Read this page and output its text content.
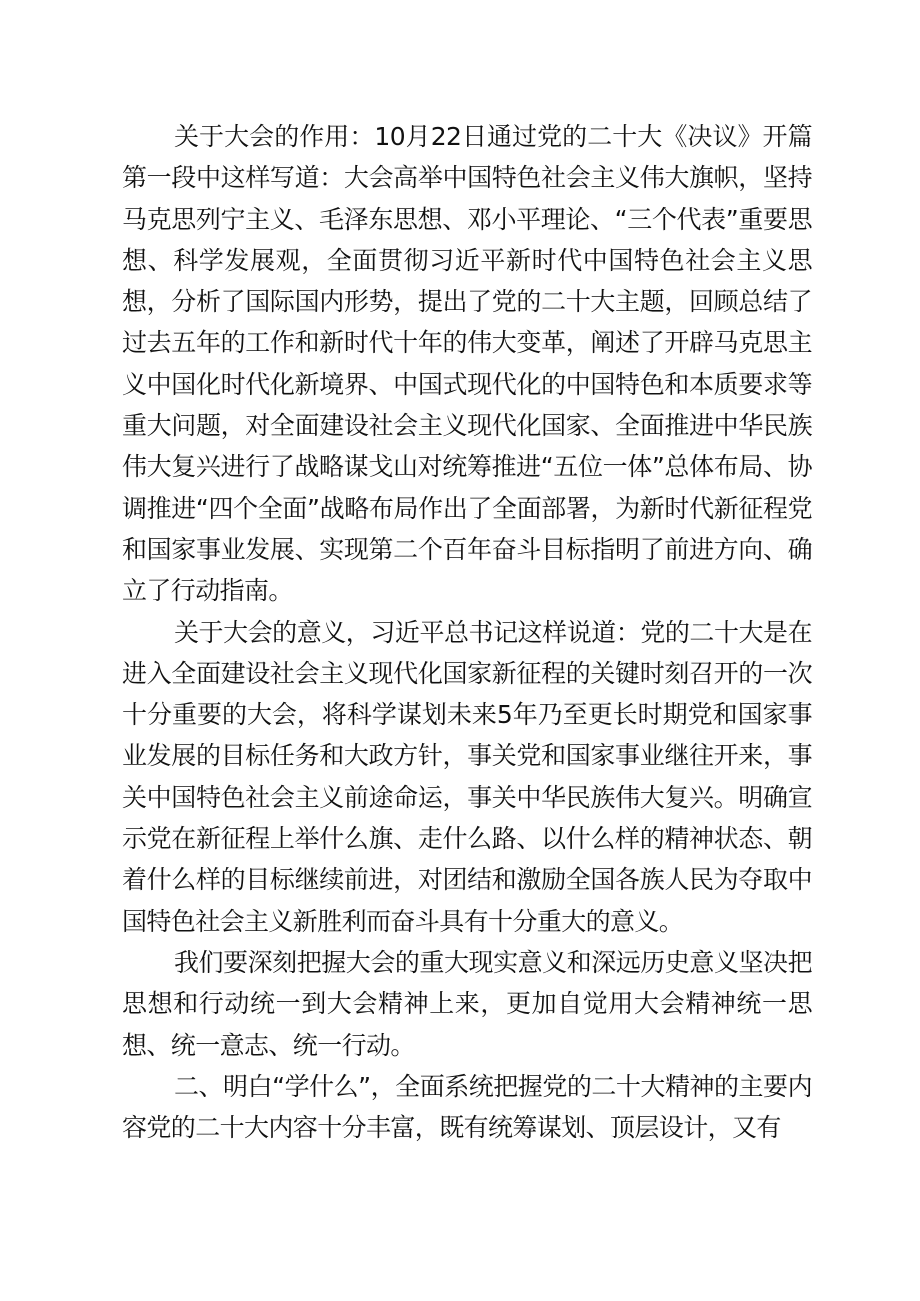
关于大会的作用：10月22日通过党的二十大《决议》开篇第一段中这样写道：大会高举中国特色社会主义伟大旗帜，坚持马克思列宁主义、毛泽东思想、邓小平理论、“三个代表”重要思想、科学发展观，全面贯彻习近平新时代中国特色社会主义思想，分析了国际国内形势，提出了党的二十大主题，回顾总结了过去五年的工作和新时代十年的伟大变革，阐述了开辟马克思主义中国化时代化新境界、中国式现代化的中国特色和本质要求等重大问题，对全面建设社会主义现代化国家、全面推进中华民族伟大复兴进行了战略谋戈山对统筹推进“五位一体”总体布局、协调推进“四个全面”战略布局作出了全面部署，为新时代新征程党和国家事业发展、实现第二个百年奋斗目标指明了前进方向、确立了行动指南。

关于大会的意义，习近平总书记这样说道：党的二十大是在进入全面建设社会主义现代化国家新征程的关键时刻召开的一次十分重要的大会，将科学谋划未来5年乃至更长时期党和国家事业发展的目标任务和大政方针，事关党和国家事业继往开来，事关中国特色社会主义前途命运，事关中华民族伟大复兴。明确宣示党在新征程上举什么旗、走什么路、以什么样的精神状态、朝着什么样的目标继续前进，对团结和激励全国各族人民为夺取中国特色社会主义新胜利而奋斗具有十分重大的意义。

我们要深刻把握大会的重大现实意义和深远历史意义坚决把思想和行动统一到大会精神上来，更加自觉用大会精神统一思想、统一意志、统一行动。

二、明白“学什么”，全面系统把握党的二十大精神的主要内容党的二十大内容十分丰富，既有统筹谋划、顶层设计，又有
